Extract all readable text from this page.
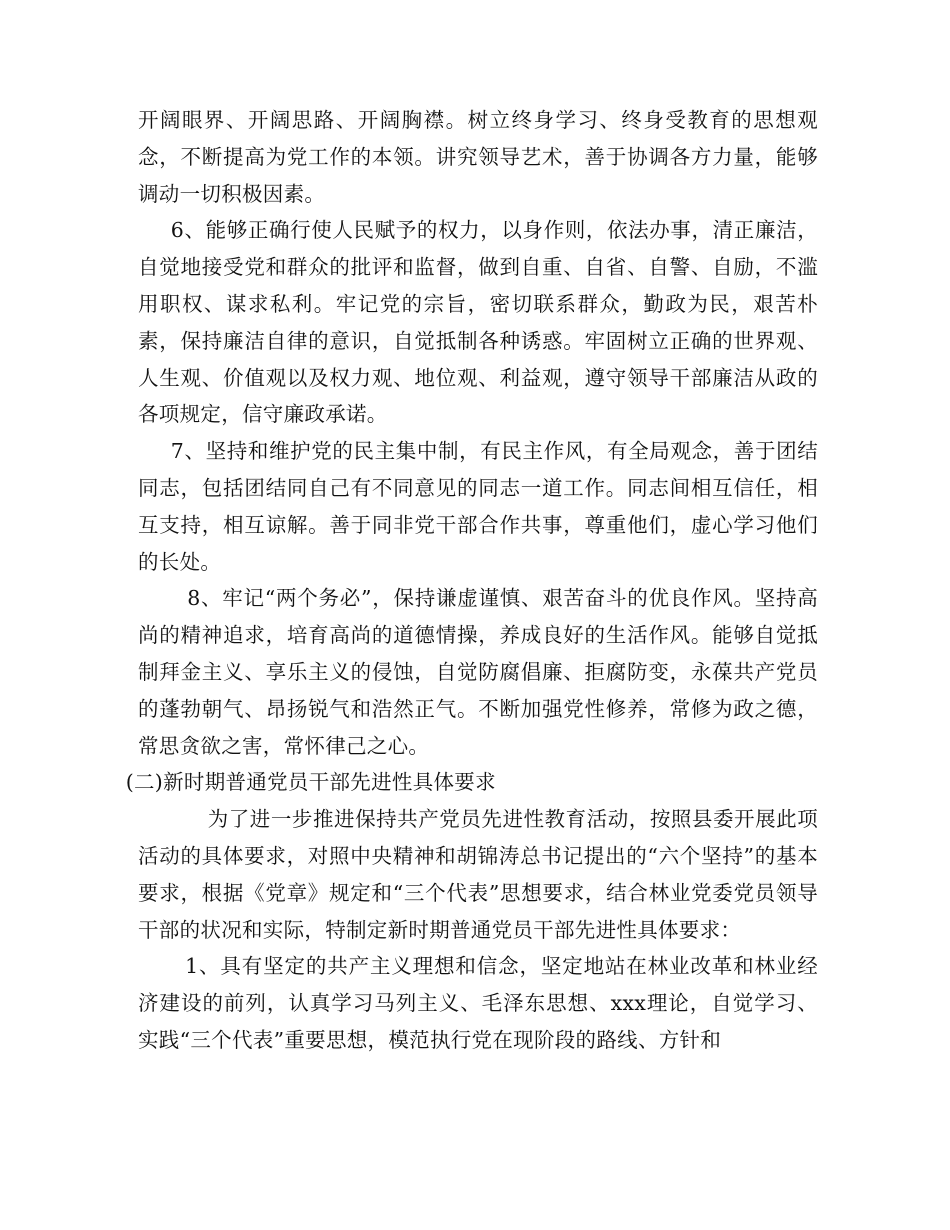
开阔眼界、开阔思路、开阔胸襟。树立终身学习、终身受教育的思想观念，不断提高为党工作的本领。讲究领导艺术，善于协调各方力量，能够调动一切积极因素。

6、能够正确行使人民赋予的权力，以身作则，依法办事，清正廉洁，自觉地接受党和群众的批评和监督，做到自重、自省、自警、自励，不滥用职权、谋求私利。牢记党的宗旨，密切联系群众，勤政为民，艰苦朴素，保持廉洁自律的意识，自觉抵制各种诱惑。牢固树立正确的世界观、人生观、价值观以及权力观、地位观、利益观，遵守领导干部廉洁从政的各项规定，信守廉政承诺。

7、坚持和维护党的民主集中制，有民主作风，有全局观念，善于团结同志，包括团结同自己有不同意见的同志一道工作。同志间相互信任，相互支持，相互谅解。善于同非党干部合作共事，尊重他们，虚心学习他们的长处。

8、牢记“两个务必”，保持谦虚谨慎、艰苦奋斗的优良作风。坚持高尚的精神追求，培育高尚的道德情操，养成良好的生活作风。能够自觉抵制拜金主义、享乐主义的侵蚀，自觉防腐倡廉、拒腐防变，永葆共产党员的蓬勃朝气、昂扬锐气和浩然正气。不断加强党性修养，常修为政之德，常思贪欲之害，常怀律己之心。

(二)新时期普通党员干部先进性具体要求

为了进一步推进保持共产党员先进性教育活动，按照县委开展此项活动的具体要求，对照中央精神和胡锦涛总书记提出的“六个坚持”的基本要求，根据《党章》规定和“三个代表”思想要求，结合林业党委党员领导干部的状况和实际，特制定新时期普通党员干部先进性具体要求：

1、具有坚定的共产主义理想和信念，坚定地站在林业改革和林业经济建设的前列，认真学习马列主义、毛泽东思想、xxx理论，自觉学习、实践“三个代表”重要思想，模范执行党在现阶段的路线、方针和
